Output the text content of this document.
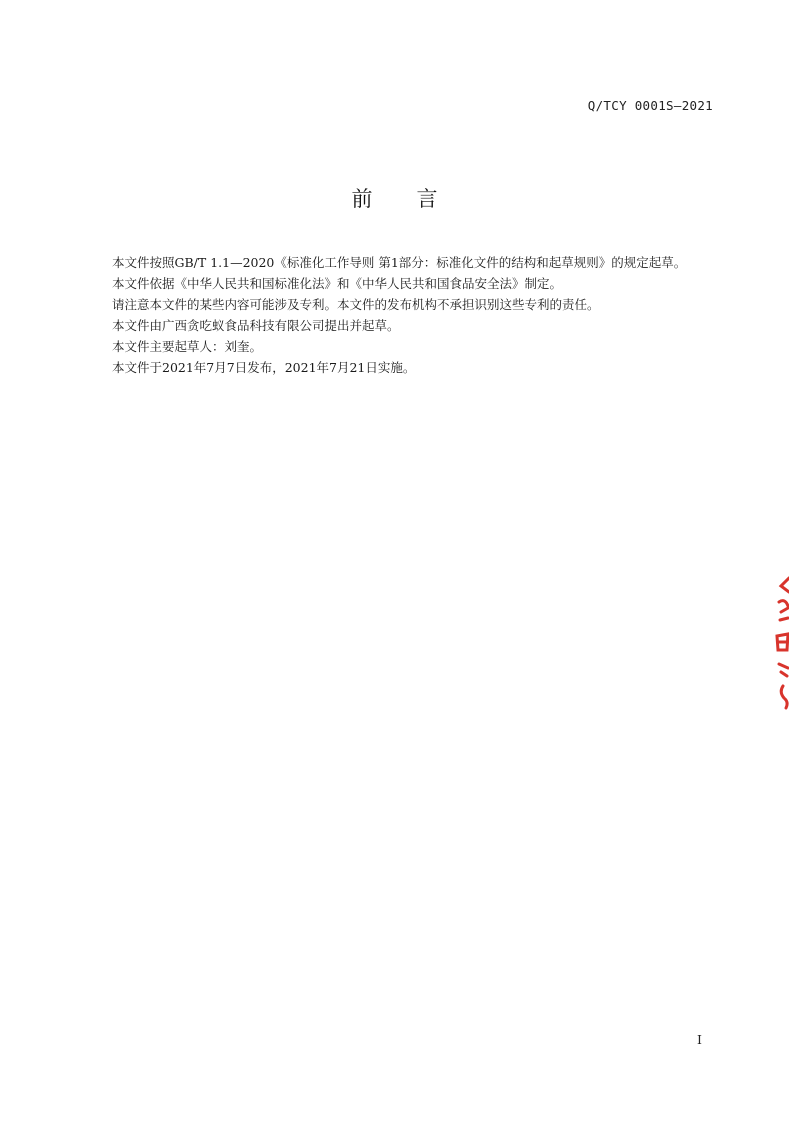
Q/TCY 0001S—2021
前 言

本文件按照GB/T 1.1—2020《标准化工作导则 第1部分：标准化文件的结构和起草规则》的规定起草。

本文件依据《中华人民共和国标准化法》和《中华人民共和国食品安全法》制定。

请注意本文件的某些内容可能涉及专利。本文件的发布机构不承担识别这些专利的责任。

本文件由广西贪吃蚁食品科技有限公司提出并起草。

本文件主要起草人：刘奎。

本文件于2021年7月7日发布，2021年7月21日实施。

I
